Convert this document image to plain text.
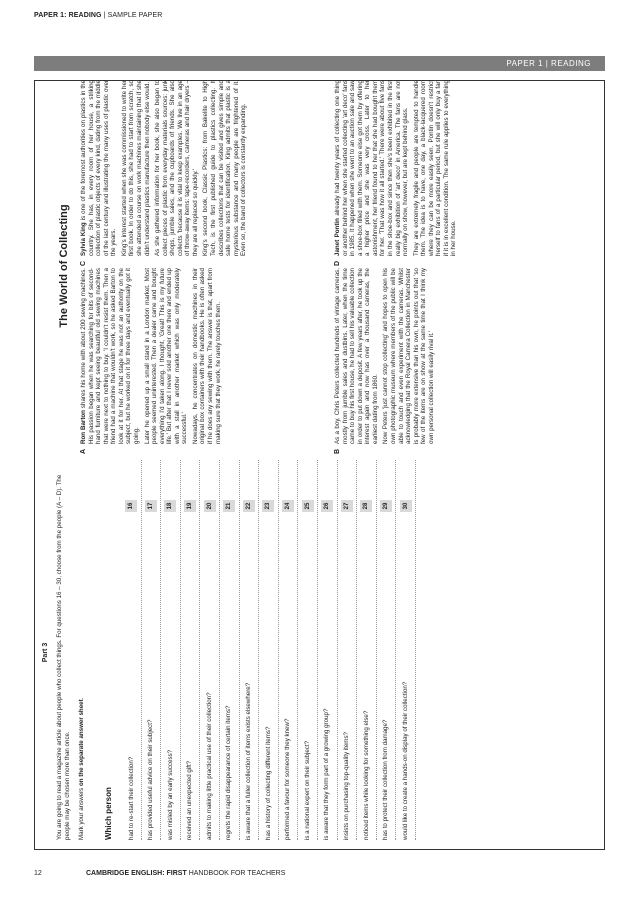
PAPER 1: READING | SAMPLE PAPER
PAPER 1 | READING
Part 3 You are going to read a magazine article about people who collect things. For questions 16 – 30, choose from the people (A – D). The people may be chosen more than once. Mark your answers on the separate answer sheet.

Which person had to re-start their collection?
16
has provided useful advice on their subject?
17
was misled by an early success?
18
received an unexpected gift?
19
admits to making little practical use of their collection?
20
regrets the rapid disappearance of certain items?
21
is aware that a fuller collection of items exists elsewhere?
22
has a history of collecting different items?
23
performed a favour for someone they knew?
24
is a national expert on their subject?
25
is aware that they form part of a growing group?
26
insists on purchasing top-quality items?
27
noticed items while looking for something else?
28
has to protect their collection from damage?
29
would like to create a hands-on display of their collection?
30
The World of Collecting
A

Ron Barton shares his home with about 200 sewing machines. His passion began when he was searching for bits of second-hand furniture and kept seeing beautiful old sewing machines that were next to nothing to buy. 'I couldn't resist them. Then a friend had a machine that wouldn't work, so he asked Barton to look at it for her. At that stage he was not an authority on the subject, but he worked on it for three days and eventually got it going. Later he opened up a small stand in a London market. Most people seemed uninterested. Then a dealer came and bought everything I'd taken along. I thought, 'Great! This is my future life.' But after that I never sold another one there and ended up with a stall in another market which was only moderately successful.' Nowadays, he concentrates on domestic machines in their original box containers with their handbooks. He is often asked if he does any sewing with them. The answer is that, apart from making sure that they work, he rarely touches them.

C

Sylvia King is one of the foremost authorities on plastics in the country. She has, in every room of her house, a striking collection of plastic objects of every kind, dating from the middle of the last century and illustrating the many uses of plastic over the years. King's interest started when she was commissioned to write her first book. In order to do this, she had to start from scratch, so she attended a course on work machines maintaining that if she didn't understand plastics manufacture then nobody else would. As she gathered information for her book, she also began to collect pieces of plastic from everyday materials sources: junk shops, jumble sales, and the cupboards of friends. She also collects 'because it is vital to keep examples. We live in an age of throw-away items: tape-recorders, cameras and hair dryers – they are all replaced so quickly.' King's second book, Classic Plastics: from Bakelite to High Tech, is the first published guide to plastics collecting. It describes collections that can be visited and gives simple and safe home tests for identification. King admits that plastic is a mysterious substance and many people are frightened of it. Even so, the band of collectors is constantly expanding.

B

As a boy, Chris Peters collected hundreds of vintage cameras, mostly from jumble sales and dustbins. Later, when the time came to buy his first house, he had to sell his valuable collection in order to put down a deposit. A few years after, he took up the interest again and now has over a thousand cameras, the earliest dating from 1860. Now Peters 'just cannot stop collecting' and hopes to open his own photographic museum where members of the public will be able to touch and even experiment with the cameras. Whilst acknowledging that the Royal Camera Collection in Manchester is probably more extensive than his own, he points out that 'so few of the items are on show at the same time that I think my own personal collection will easily rival it.'

D

Janet Pontin already had twenty years of collecting one thing or another behind her when she started collecting 'art deco' fans in 1985. It happened when she went to an auction sale and saw a shoe-box filled with them. Someone else got them by offering a higher price and she was very cross. Later to her astonishment, her friend found to her that she had bought them for her. 'That was how it all started.' There were about five fans in the shoe-box and since then she's been exhibited in the first really big exhibition of 'art deco' in America. The fans are not normally on show, however, but are kept behind glass. They are extremely fragile and people are tempted to handle them. The idea is to have, one day, a black-lacquered room where they can be more easily seen. Pontin doesn't restrict herself to fans of a particular period, but she will only buy a fan if it is in excellent condition. The same rule applies to everything in her house.

12	CAMBRIDGE ENGLISH: FIRST HANDBOOK FOR TEACHERS
